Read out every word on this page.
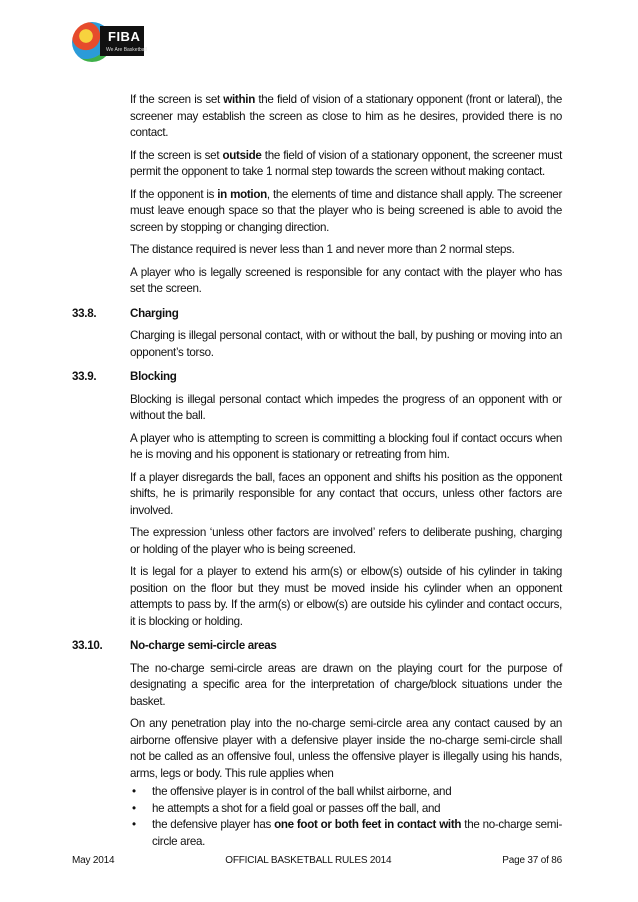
FIBA
We Are Basketball

If the screen is set within the field of vision of a stationary opponent (front or lateral), the screener may establish the screen as close to him as he desires, provided there is no contact.

If the screen is set outside the field of vision of a stationary opponent, the screener must permit the opponent to take 1 normal step towards the screen without making contact.

If the opponent is in motion, the elements of time and distance shall apply. The screener must leave enough space so that the player who is being screened is able to avoid the screen by stopping or changing direction.

The distance required is never less than 1 and never more than 2 normal steps.

A player who is legally screened is responsible for any contact with the player who has set the screen.

33.8.	Charging

Charging is illegal personal contact, with or without the ball, by pushing or moving into an opponent’s torso.

33.9.	Blocking

Blocking is illegal personal contact which impedes the progress of an opponent with or without the ball.

A player who is attempting to screen is committing a blocking foul if contact occurs when he is moving and his opponent is stationary or retreating from him.

If a player disregards the ball, faces an opponent and shifts his position as the opponent shifts, he is primarily responsible for any contact that occurs, unless other factors are involved.

The expression ‘unless other factors are involved’ refers to deliberate pushing, charging or holding of the player who is being screened.

It is legal for a player to extend his arm(s) or elbow(s) outside of his cylinder in taking position on the floor but they must be moved inside his cylinder when an opponent attempts to pass by. If the arm(s) or elbow(s) are outside his cylinder and contact occurs, it is blocking or holding.

33.10.	No-charge semi-circle areas

The no-charge semi-circle areas are drawn on the playing court for the purpose of designating a specific area for the interpretation of charge/block situations under the basket.

On any penetration play into the no-charge semi-circle area any contact caused by an airborne offensive player with a defensive player inside the no-charge semi-circle shall not be called as an offensive foul, unless the offensive player is illegally using his hands, arms, legs or body. This rule applies when

• the offensive player is in control of the ball whilst airborne, and
• he attempts a shot for a field goal or passes off the ball, and
• the defensive player has one foot or both feet in contact with the no-charge semi-circle area.
May 2014	OFFICIAL BASKETBALL RULES 2014	Page 37 of 86
